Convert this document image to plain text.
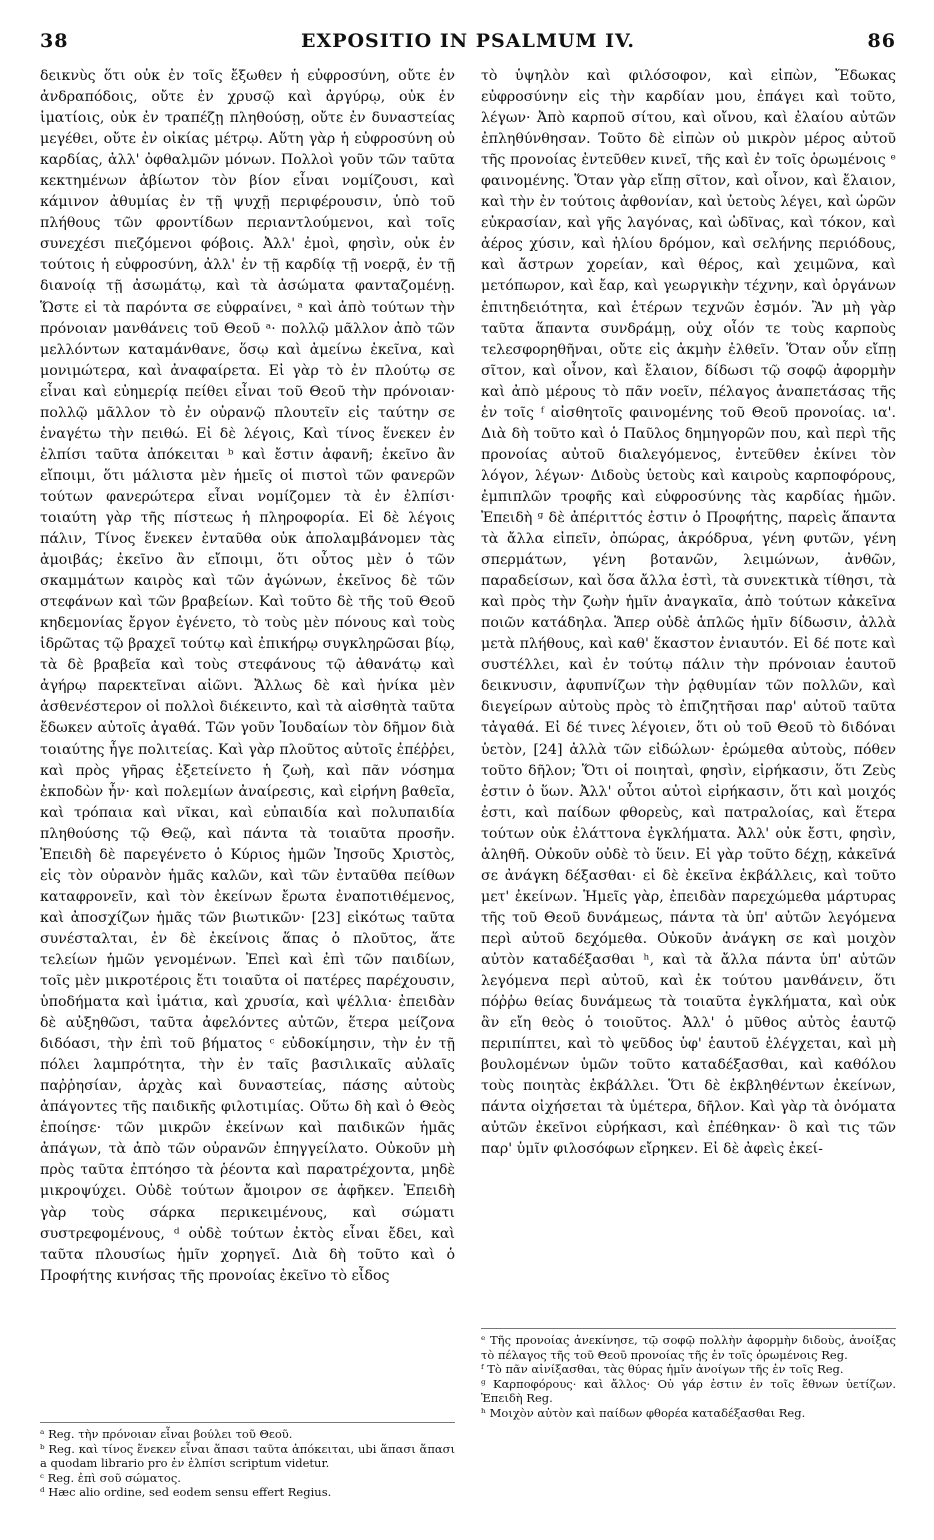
38	EXPOSITIO IN PSALMUM IV.	86

δεικνὺς ὅτι οὐκ ἐν τοῖς ἔξωθεν ἡ εὐφροσύνη, οὔτε ἐν ἀνδραπόδοις, οὔτε ἐν χρυσῷ καὶ ἀργύρῳ, οὐκ ἐν ἱματίοις, οὐκ ἐν τραπέζῃ πληθούσῃ, οὔτε ἐν δυναστείας μεγέθει, οὔτε ἐν οἰκίας μέτρῳ. Αὕτη γὰρ ἡ εὐφροσύνη οὐ καρδίας, ἀλλ' ὀφθαλμῶν μόνων. Πολλοὶ γοῦν τῶν ταῦτα κεκτημένων ἀβίωτον τὸν βίον εἶναι νομίζουσι, καὶ κάμινον ἀθυμίας ἐν τῇ ψυχῇ περιφέρουσιν, ὑπὸ τοῦ πλήθους τῶν φροντίδων περιαντλούμενοι, καὶ τοῖς συνεχέσι πιεζόμενοι φόβοις. Ἀλλ' ἐμοὶ, φησὶν, οὐκ ἐν τούτοις ἡ εὐφροσύνη, ἀλλ' ἐν τῇ καρδίᾳ τῇ νοερᾷ, ἐν τῇ διανοίᾳ τῇ ἀσωμάτῳ, καὶ τὰ ἀσώματα φανταζομένῃ. Ὥστε εἰ τὰ παρόντα σε εὐφραίνει, ᵃ καὶ ἀπὸ τούτων τὴν πρόνοιαν μανθάνεις τοῦ Θεοῦ ᵃ· πολλῷ μᾶλλον ἀπὸ τῶν μελλόντων καταμάνθανε, ὅσῳ καὶ ἀμείνω ἐκεῖνα, καὶ μονιμώτερα, καὶ ἀναφαίρετα. Εἰ γὰρ τὸ ἐν πλούτῳ σε εἶναι καὶ εὐημερίᾳ πείθει εἶναι τοῦ Θεοῦ τὴν πρόνοιαν· πολλῷ μᾶλλον τὸ ἐν οὐρανῷ πλουτεῖν εἰς ταύτην σε ἐναγέτω τὴν πειθώ. Εἰ δὲ λέγοις, Καὶ τίνος ἕνεκεν ἐν ἐλπίσι ταῦτα ἀπόκειται ᵇ καὶ ἔστιν ἀφανῆ; ἐκεῖνο ἂν εἴποιμι, ὅτι μάλιστα μὲν ἡμεῖς οἱ πιστοὶ τῶν φανερῶν τούτων φανερώτερα εἶναι νομίζομεν τὰ ἐν ἐλπίσι· τοιαύτη γὰρ τῆς πίστεως ἡ πληροφορία. Εἰ δὲ λέγοις πάλιν, Τίνος ἕνεκεν ἐνταῦθα οὐκ ἀπολαμβάνομεν τὰς ἀμοιβάς; ἐκεῖνο ἂν εἴποιμι, ὅτι οὗτος μὲν ὁ τῶν σκαμμάτων καιρὸς καὶ τῶν ἀγώνων, ἐκεῖνος δὲ τῶν στεφάνων καὶ τῶν βραβείων. Καὶ τοῦτο δὲ τῆς τοῦ Θεοῦ κηδεμονίας ἔργον ἐγένετο, τὸ τοὺς μὲν πόνους καὶ τοὺς ἱδρῶτας τῷ βραχεῖ τούτῳ καὶ ἐπικήρῳ συγκληρῶσαι βίῳ, τὰ δὲ βραβεῖα καὶ τοὺς στεφάνους τῷ ἀθανάτῳ καὶ ἀγήρῳ παρεκτεῖναι αἰῶνι. Ἄλλως δὲ καὶ ἡνίκα μὲν ἀσθενέστερον οἱ πολλοὶ διέκειντο, καὶ τὰ αἰσθητὰ ταῦτα ἔδωκεν αὐτοῖς ἀγαθά. Τῶν γοῦν Ἰουδαίων τὸν δῆμον διὰ τοιαύτης ἦγε πολιτείας. Καὶ γὰρ πλοῦτος αὐτοῖς ἐπέῤῥει, καὶ πρὸς γῆρας ἐξετείνετο ἡ ζωὴ, καὶ πᾶν νόσημα ἐκποδὼν ἦν· καὶ πολεμίων ἀναίρεσις, καὶ εἰρήνη βαθεῖα, καὶ τρόπαια καὶ νῖκαι, καὶ εὐπαιδία καὶ πολυπαιδία πληθούσης τῷ Θεῷ, καὶ πάντα τὰ τοιαῦτα προσῆν. Ἐπειδὴ δὲ παρεγένετο ὁ Κύριος ἡμῶν Ἰησοῦς Χριστὸς, εἰς τὸν οὐρανὸν ἡμᾶς καλῶν, καὶ τῶν ἐνταῦθα πείθων καταφρονεῖν, καὶ τὸν ἐκείνων ἔρωτα ἐναποτιθέμενος, καὶ ἀποσχίζων ἡμᾶς τῶν βιωτικῶν· [23] εἰκότως ταῦτα συνέσταλται, ἐν δὲ ἐκείνοις ἅπας ὁ πλοῦτος, ἅτε τελείων ἡμῶν γενομένων. Ἐπεὶ καὶ ἐπὶ τῶν παιδίων, τοῖς μὲν μικροτέροις ἔτι τοιαῦτα οἱ πατέρες παρέχουσιν, ὑποδήματα καὶ ἱμάτια, καὶ χρυσία, καὶ ψέλλια· ἐπειδὰν δὲ αὐξηθῶσι, ταῦτα ἀφελόντες αὐτῶν, ἕτερα μείζονα διδόασι, τὴν ἐπὶ τοῦ βήματος ᶜ εὐδοκίμησιν, τὴν ἐν τῇ πόλει λαμπρότητα, τὴν ἐν ταῖς βασιλικαῖς αὐλαῖς παῤῥησίαν, ἀρχὰς καὶ δυναστείας, πάσης αὐτοὺς ἀπάγοντες τῆς παιδικῆς φιλοτιμίας. Οὕτω δὴ καὶ ὁ Θεὸς ἐποίησε· τῶν μικρῶν ἐκείνων καὶ παιδικῶν ἡμᾶς ἀπάγων, τὰ ἀπὸ τῶν οὐρανῶν ἐπηγγείλατο. Οὐκοῦν μὴ πρὸς ταῦτα ἐπτόησο τὰ ῥέοντα καὶ παρατρέχοντα, μηδὲ μικροψύχει. Οὐδὲ τούτων ἄμοιρον σε ἀφῆκεν. Ἐπειδὴ γὰρ τοὺς σάρκα περικειμένους, καὶ σώματι συστρεφομένους, ᵈ οὐδὲ τούτων ἐκτὸς εἶναι ἔδει, καὶ ταῦτα πλουσίως ἡμῖν χορηγεῖ. Διὰ δὴ τοῦτο καὶ ὁ Προφήτης κινήσας τῆς προνοίας ἐκεῖνο τὸ εἶδος

ᵃ Reg. τὴν πρόνοιαν εἶναι βούλει τοῦ Θεοῦ.

ᵇ Reg. καὶ τίνος ἕνεκεν εἶναι ἅπασι ταῦτα ἀπόκειται, ubi ἅπασι ἅπασι a quodam librario pro ἐν ἐλπίσι scriptum videtur.

ᶜ Reg. ἐπὶ σοῦ σώματος.

ᵈ Hæc alio ordine, sed eodem sensu effert Regius.

τὸ ὑψηλὸν καὶ φιλόσοφον, καὶ εἰπὼν, Ἔδωκας εὐφροσύνην εἰς τὴν καρδίαν μου, ἐπάγει καὶ τοῦτο, λέγων· Ἀπὸ καρποῦ σίτου, καὶ οἴνου, καὶ ἐλαίου αὐτῶν ἐπληθύνθησαν. Τοῦτο δὲ εἰπὼν οὐ μικρὸν μέρος αὐτοῦ τῆς προνοίας ἐντεῦθεν κινεῖ, τῆς καὶ ἐν τοῖς ὁρωμένοις ᵉ φαινομένης. Ὅταν γὰρ εἴπῃ σῖτον, καὶ οἶνον, καὶ ἔλαιον, καὶ τὴν ἐν τούτοις ἀφθονίαν, καὶ ὑετοὺς λέγει, καὶ ὡρῶν εὐκρασίαν, καὶ γῆς λαγόνας, καὶ ὠδῖνας, καὶ τόκον, καὶ ἀέρος χύσιν, καὶ ἡλίου δρόμον, καὶ σελήνης περιόδους, καὶ ἄστρων χορείαν, καὶ θέρος, καὶ χειμῶνα, καὶ μετόπωρον, καὶ ἔαρ, καὶ γεωργικὴν τέχνην, καὶ ὀργάνων ἐπιτηδειότητα, καὶ ἑτέρων τεχνῶν ἐσμόν. Ἂν μὴ γὰρ ταῦτα ἅπαντα συνδράμῃ, οὐχ οἷόν τε τοὺς καρποὺς τελεσφορηθῆναι, οὔτε εἰς ἀκμὴν ἐλθεῖν. Ὅταν οὖν εἴπῃ σῖτον, καὶ οἶνον, καὶ ἔλαιον, δίδωσι τῷ σοφῷ ἀφορμὴν καὶ ἀπὸ μέρους τὸ πᾶν νοεῖν, πέλαγος ἀναπετάσας τῆς ἐν τοῖς ᶠ αἰσθητοῖς φαινομένης τοῦ Θεοῦ προνοίας. ια'. Διὰ δὴ τοῦτο καὶ ὁ Παῦλος δημηγορῶν που, καὶ περὶ τῆς προνοίας αὐτοῦ διαλεγόμενος, ἐντεῦθεν ἐκίνει τὸν λόγον, λέγων· Διδοὺς ὑετοὺς καὶ καιροὺς καρποφόρους, ἐμπιπλῶν τροφῆς καὶ εὐφροσύνης τὰς καρδίας ἡμῶν. Ἐπειδὴ ᵍ δὲ ἀπέριττός ἐστιν ὁ Προφήτης, παρεὶς ἅπαντα τὰ ἄλλα εἰπεῖν, ὀπώρας, ἀκρόδρυα, γένη φυτῶν, γένη σπερμάτων, γένη βοτανῶν, λειμώνων, ἀνθῶν, παραδείσων, καὶ ὅσα ἄλλα ἐστὶ, τὰ συνεκτικὰ τίθησι, τὰ καὶ πρὸς τὴν ζωὴν ἡμῖν ἀναγκαῖα, ἀπὸ τούτων κἀκεῖνα ποιῶν κατάδηλα. Ἅπερ οὐδὲ ἁπλῶς ἡμῖν δίδωσιν, ἀλλὰ μετὰ πλήθους, καὶ καθ' ἕκαστον ἐνιαυτόν. Εἰ δέ ποτε καὶ συστέλλει, καὶ ἐν τούτῳ πάλιν τὴν πρόνοιαν ἑαυτοῦ δεικνυσιν, ἀφυπνίζων τὴν ῥᾳθυμίαν τῶν πολλῶν, καὶ διεγείρων αὐτοὺς πρὸς τὸ ἐπιζητῆσαι παρ' αὐτοῦ ταῦτα τἀγαθά. Εἰ δέ τινες λέγοιεν, ὅτι οὐ τοῦ Θεοῦ τὸ διδόναι ὑετὸν, [24] ἀλλὰ τῶν εἰδώλων· ἐρώμεθα αὐτοὺς, πόθεν τοῦτο δῆλον; Ὅτι οἱ ποιηταὶ, φησὶν, εἰρήκασιν, ὅτι Ζεὺς ἐστιν ὁ ὕων. Ἀλλ' οὗτοι αὐτοὶ εἰρήκασιν, ὅτι καὶ μοιχός ἐστι, καὶ παίδων φθορεὺς, καὶ πατραλοίας, καὶ ἕτερα τούτων οὐκ ἐλάττονα ἐγκλήματα. Ἀλλ' οὐκ ἔστι, φησὶν, ἀληθῆ. Οὐκοῦν οὐδὲ τὸ ὕειν. Εἰ γὰρ τοῦτο δέχῃ, κἀκεῖνά σε ἀνάγκη δέξασθαι· εἰ δὲ ἐκεῖνα ἐκβάλλεις, καὶ τοῦτο μετ' ἐκείνων. Ἡμεῖς γὰρ, ἐπειδὰν παρεχώμεθα μάρτυρας τῆς τοῦ Θεοῦ δυνάμεως, πάντα τὰ ὑπ' αὐτῶν λεγόμενα περὶ αὐτοῦ δεχόμεθα. Οὐκοῦν ἀνάγκη σε καὶ μοιχὸν αὐτὸν καταδέξασθαι ʰ, καὶ τὰ ἄλλα πάντα ὑπ' αὐτῶν λεγόμενα περὶ αὐτοῦ, καὶ ἐκ τούτου μανθάνειν, ὅτι πόῤῥω θείας δυνάμεως τὰ τοιαῦτα ἐγκλήματα, καὶ οὐκ ἂν εἴη θεὸς ὁ τοιοῦτος. Ἀλλ' ὁ μῦθος αὐτὸς ἑαυτῷ περιπίπτει, καὶ τὸ ψεῦδος ὑφ' ἑαυτοῦ ἐλέγχεται, καὶ μὴ βουλομένων ὑμῶν τοῦτο καταδέξασθαι, καὶ καθόλου τοὺς ποιητὰς ἐκβάλλει. Ὅτι δὲ ἐκβληθέντων ἐκείνων, πάντα οἰχήσεται τὰ ὑμέτερα, δῆλον. Καὶ γὰρ τὰ ὀνόματα αὐτῶν ἐκεῖνοι εὑρήκασι, καὶ ἐπέθηκαν· ὃ καὶ τις τῶν παρ' ὑμῖν φιλοσόφων εἴρηκεν. Εἰ δὲ ἀφεὶς ἐκεί-

ᵉ Τῆς προνοίας ἀνεκίνησε, τῷ σοφῷ πολλὴν ἀφορμὴν διδοὺς, ἀνοίξας τὸ πέλαγος τῆς τοῦ Θεοῦ προνοίας τῆς ἐν τοῖς ὁρωμένοις Reg.

ᶠ Τὸ πᾶν αἰνίξασθαι, τὰς θύρας ἡμῖν ἀνοίγων τῆς ἐν τοῖς Reg.

ᵍ Καρποφόρους· καὶ ἄλλος· Οὐ γάρ ἐστιν ἐν τοῖς ἔθνων ὑετίζων. Ἐπειδὴ Reg.

ʰ Μοιχὸν αὐτὸν καὶ παίδων φθορέα καταδέξασθαι Reg.
